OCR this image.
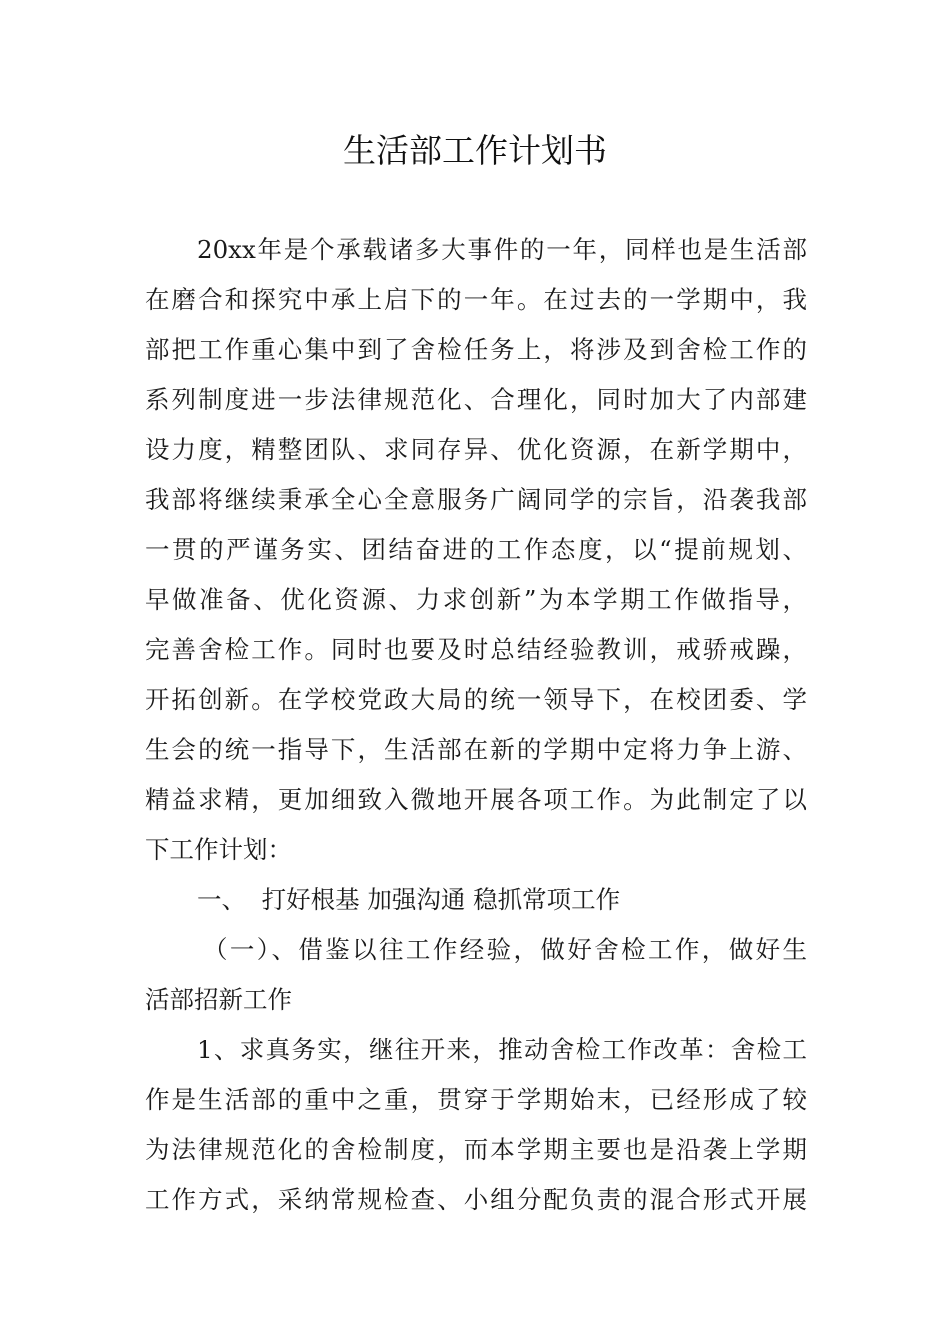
生活部工作计划书
20xx年是个承载诸多大事件的一年，同样也是生活部
在磨合和探究中承上启下的一年。在过去的一学期中，我
部把工作重心集中到了舍检任务上，将涉及到舍检工作的
系列制度进一步法律规范化、合理化，同时加大了内部建
设力度，精整团队、求同存异、优化资源，在新学期中，
我部将继续秉承全心全意服务广阔同学的宗旨，沿袭我部
一贯的严谨务实、团结奋进的工作态度，以“提前规划、
早做准备、优化资源、力求创新”为本学期工作做指导，
完善舍检工作。同时也要及时总结经验教训，戒骄戒躁，
开拓创新。在学校党政大局的统一领导下，在校团委、学
生会的统一指导下，生活部在新的学期中定将力争上游、
精益求精，更加细致入微地开展各项工作。为此制定了以
下工作计划：
一、  打好根基 加强沟通 稳抓常项工作
（一）、借鉴以往工作经验，做好舍检工作，做好生
活部招新工作
1、求真务实，继往开来，推动舍检工作改革：舍检工
作是生活部的重中之重，贯穿于学期始末，已经形成了较
为法律规范化的舍检制度，而本学期主要也是沿袭上学期
工作方式，采纳常规检查、小组分配负责的混合形式开展
